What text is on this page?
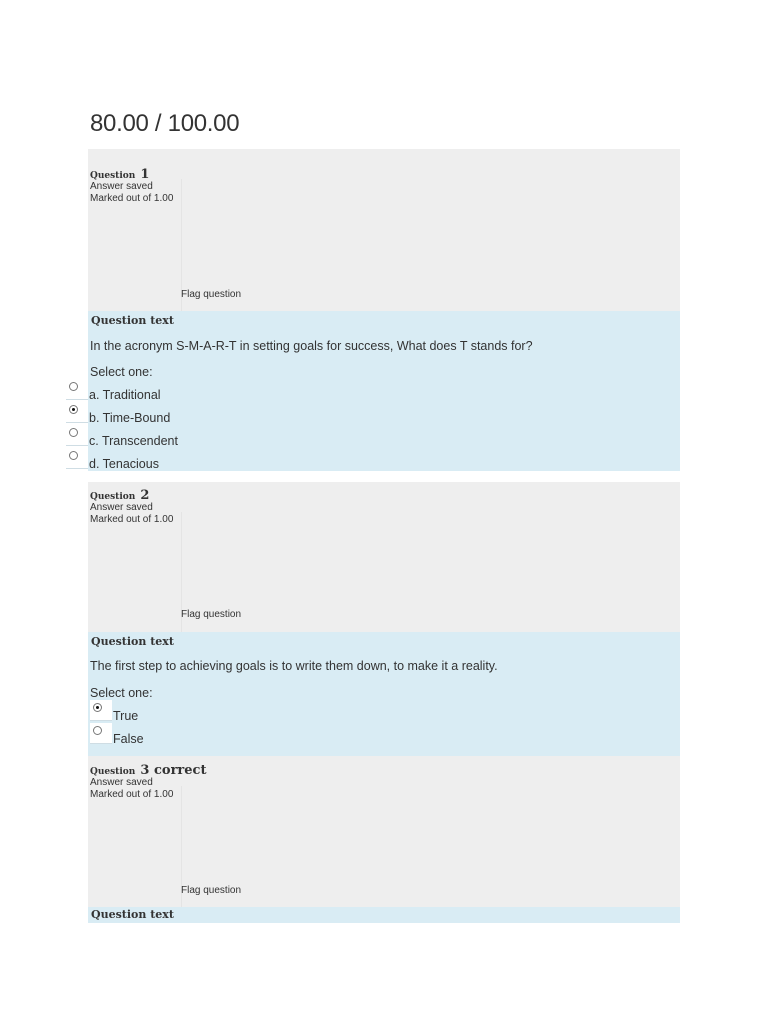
80.00 / 100.00
Question 1
Answer saved
Marked out of 1.00
Flag question
Question text
In the acronym S-M-A-R-T in setting goals for success, What does T stands for?
Select one:
a. Traditional
b. Time-Bound
c. Transcendent
d. Tenacious
Question 2
Answer saved
Marked out of 1.00
Flag question
Question text
The first step to achieving goals is to write them down, to make it a reality.
Select one:
True
False
Question 3 correct
Answer saved
Marked out of 1.00
Flag question
Question text
